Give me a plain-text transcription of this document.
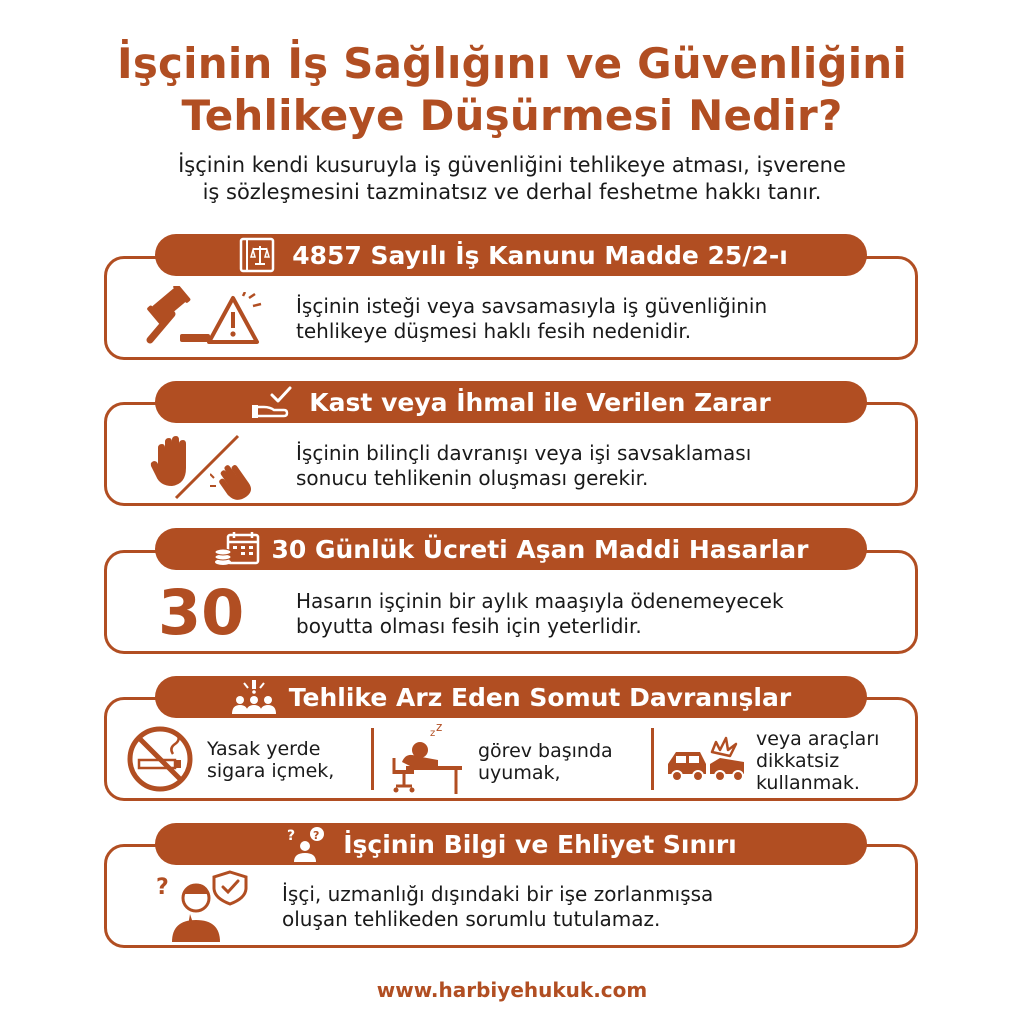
İşçinin İş Sağlığını ve Güvenliğini
Tehlikeye Düşürmesi Nedir?
İşçinin kendi kusuruyla iş güvenliğini tehlikeye atması, işverene
iş sözleşmesini tazminatsız ve derhal feshetme hakkı tanır.
4857 Sayılı İş Kanunu Madde 25/2-ı
İşçinin isteği veya savsamasıyla iş güvenliğinin
tehlikeye düşmesi haklı fesih nedenidir.
Kast veya İhmal ile Verilen Zarar
İşçinin bilinçli davranışı veya işi savsaklaması
sonucu tehlikenin oluşması gerekir.
30 Günlük Ücreti Aşan Maddi Hasarlar
30	Hasarın işçinin bir aylık maaşıyla ödenemeyecek
boyutta olması fesih için yeterlidir.
Tehlike Arz Eden Somut Davranışlar
Yasak yerde
sigara içmek,
z z
görev başında
uyumak,
veya araçları
dikkatsiz
kullanmak.
? ? İşçinin Bilgi ve Ehliyet Sınırı
?	İşçi, uzmanlığı dışındaki bir işe zorlanmışsa
oluşan tehlikeden sorumlu tutulamaz.
www.harbiyehukuk.com
